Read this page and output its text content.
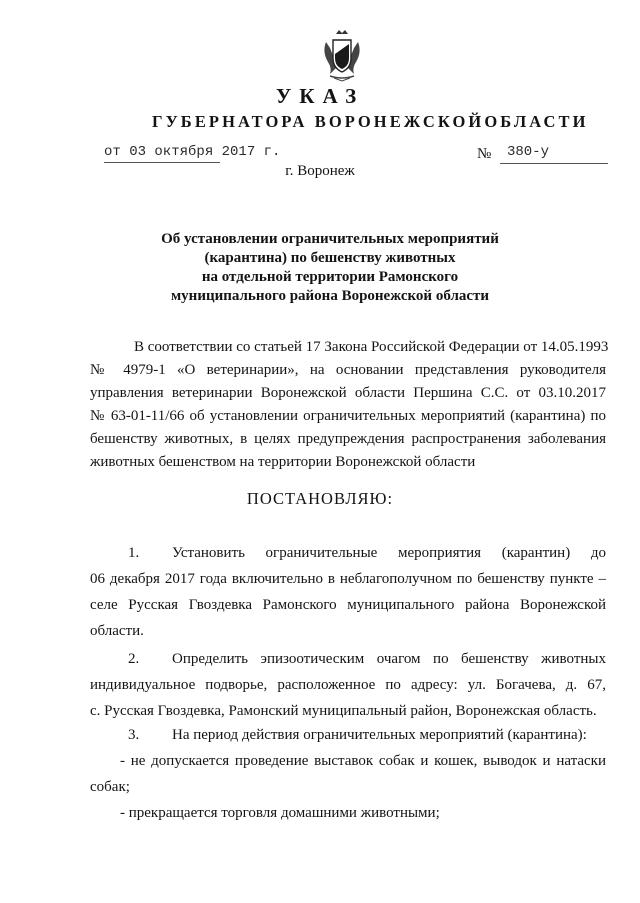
УКАЗ
ГУБЕРНАТОРА ВОРОНЕЖСКОЙОБЛАСТИ
от 03 октября 2017 г.	№ 380-у
г. Воронеж
Об установлении ограничительных мероприятий
(карантина) по бешенству животных
на отдельной территории Рамонского
муниципального района Воронежской области
В соответствии со статьей 17 Закона Российской Федерации от 14.05.1993
№ 4979-1 «О ветеринарии», на основании представления руководителя
управления ветеринарии Воронежской области Першина С.С. от 03.10.2017
№ 63-01-11/66 об установлении ограничительных мероприятий (карантина) по
бешенству животных, в целях предупреждения распространения заболевания
животных бешенством на территории Воронежской области
ПОСТАНОВЛЯЮ:
1. Установить ограничительные мероприятия (карантин) до
06 декабря 2017 года включительно в неблагополучном по бешенству пункте –
селе Русская Гвоздевка Рамонского муниципального района Воронежской
области.
2. Определить эпизоотическим очагом по бешенству животных
индивидуальное подворье, расположенное по адресу: ул. Богачева, д. 67,
с. Русская Гвоздевка, Рамонский муниципальный район, Воронежская область.
3. На период действия ограничительных мероприятий (карантина):
- не допускается проведение выставок собак и кошек, выводок и натаски
собак;
- прекращается торговля домашними животными;
